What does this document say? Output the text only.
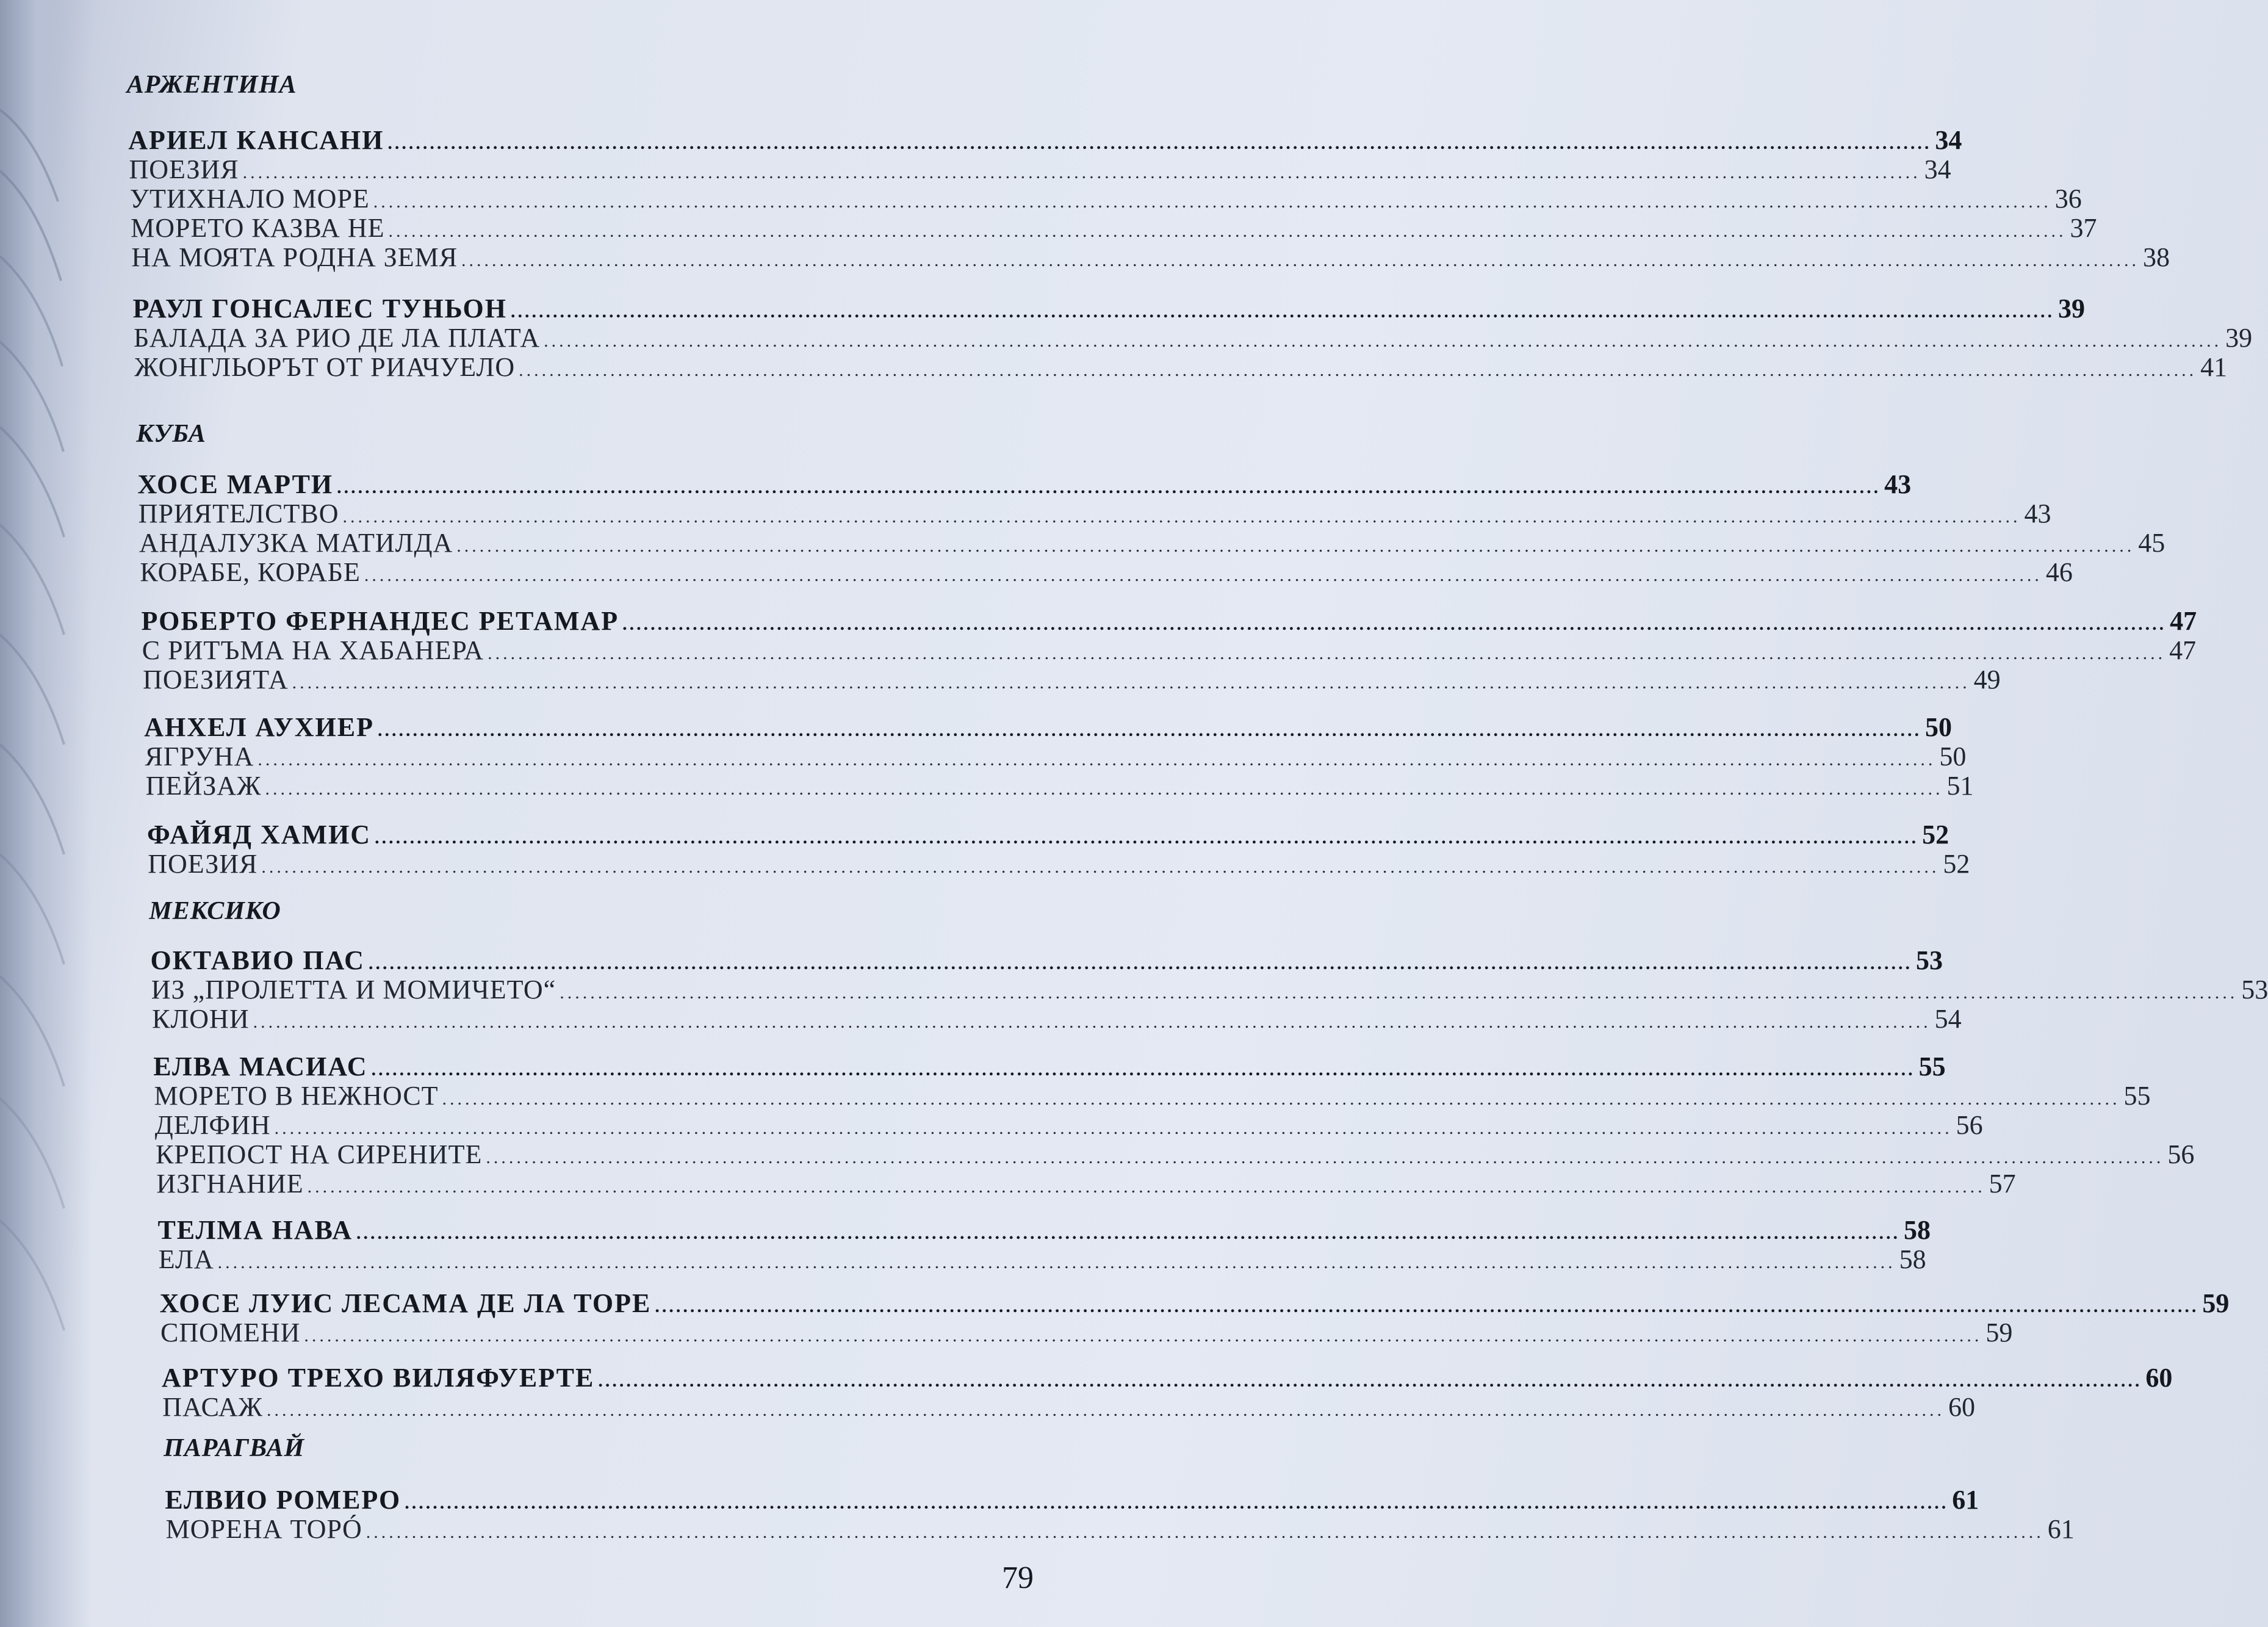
АРЖЕНТИНА
АРИЕЛ КАНСАНИ ............................................................................................................................................................................................................................ 34
ПОЕЗИЯ ............................................................................................................................................................................................................................ 34
УТИХНАЛО МОРЕ ............................................................................................................................................................................................................................ 36
МОРЕТО КАЗВА НЕ ............................................................................................................................................................................................................................ 37
НА МОЯТА РОДНА ЗЕМЯ ............................................................................................................................................................................................................................ 38
РАУЛ ГОНСАЛЕС ТУНЬОН ............................................................................................................................................................................................................................ 39
БАЛАДА ЗА РИО ДЕ ЛА ПЛАТА ............................................................................................................................................................................................................................ 39
ЖОНГЛЬОРЪТ ОТ РИАЧУЕЛО ............................................................................................................................................................................................................................ 41
КУБА
ХОСЕ МАРТИ ............................................................................................................................................................................................................................ 43
ПРИЯТЕЛСТВО ............................................................................................................................................................................................................................ 43
АНДАЛУЗКА МАТИЛДА ............................................................................................................................................................................................................................ 45
КОРАБЕ, КОРАБЕ ............................................................................................................................................................................................................................ 46
РОБЕРТО ФЕРНАНДЕС РЕТАМАР ............................................................................................................................................................................................................................ 47
С РИТЪМА НА ХАБАНЕРА ............................................................................................................................................................................................................................ 47
ПОЕЗИЯТА ............................................................................................................................................................................................................................ 49
АНХЕЛ АУХИЕР ............................................................................................................................................................................................................................ 50
ЯГРУНА ............................................................................................................................................................................................................................ 50
ПЕЙЗАЖ ............................................................................................................................................................................................................................ 51
ФАЙЯД ХАМИС ............................................................................................................................................................................................................................ 52
ПОЕЗИЯ ............................................................................................................................................................................................................................ 52
МЕКСИКО
ОКТАВИО ПАС ............................................................................................................................................................................................................................ 53
ИЗ „ПРОЛЕТТА И МОМИЧЕТО“ ............................................................................................................................................................................................................................ 53
КЛОНИ ............................................................................................................................................................................................................................ 54
ЕЛВА МАСИАС ............................................................................................................................................................................................................................ 55
МОРЕТО В НЕЖНОСТ ............................................................................................................................................................................................................................ 55
ДЕЛФИН ............................................................................................................................................................................................................................ 56
КРЕПОСТ НА СИРЕНИТЕ ............................................................................................................................................................................................................................ 56
ИЗГНАНИЕ ............................................................................................................................................................................................................................ 57
ТЕЛМА НАВА ............................................................................................................................................................................................................................ 58
ЕЛА ............................................................................................................................................................................................................................ 58
ХОСЕ ЛУИС ЛЕСАМА ДЕ ЛА ТОРЕ ............................................................................................................................................................................................................................ 59
СПОМЕНИ ............................................................................................................................................................................................................................ 59
АРТУРО ТРЕХО ВИЛЯФУЕРТЕ ............................................................................................................................................................................................................................ 60
ПАСАЖ ............................................................................................................................................................................................................................ 60
ПАРАГВАЙ
ЕЛВИО РОМЕРО ............................................................................................................................................................................................................................ 61
МОРЕНА ТОРÓ ............................................................................................................................................................................................................................ 61
79
